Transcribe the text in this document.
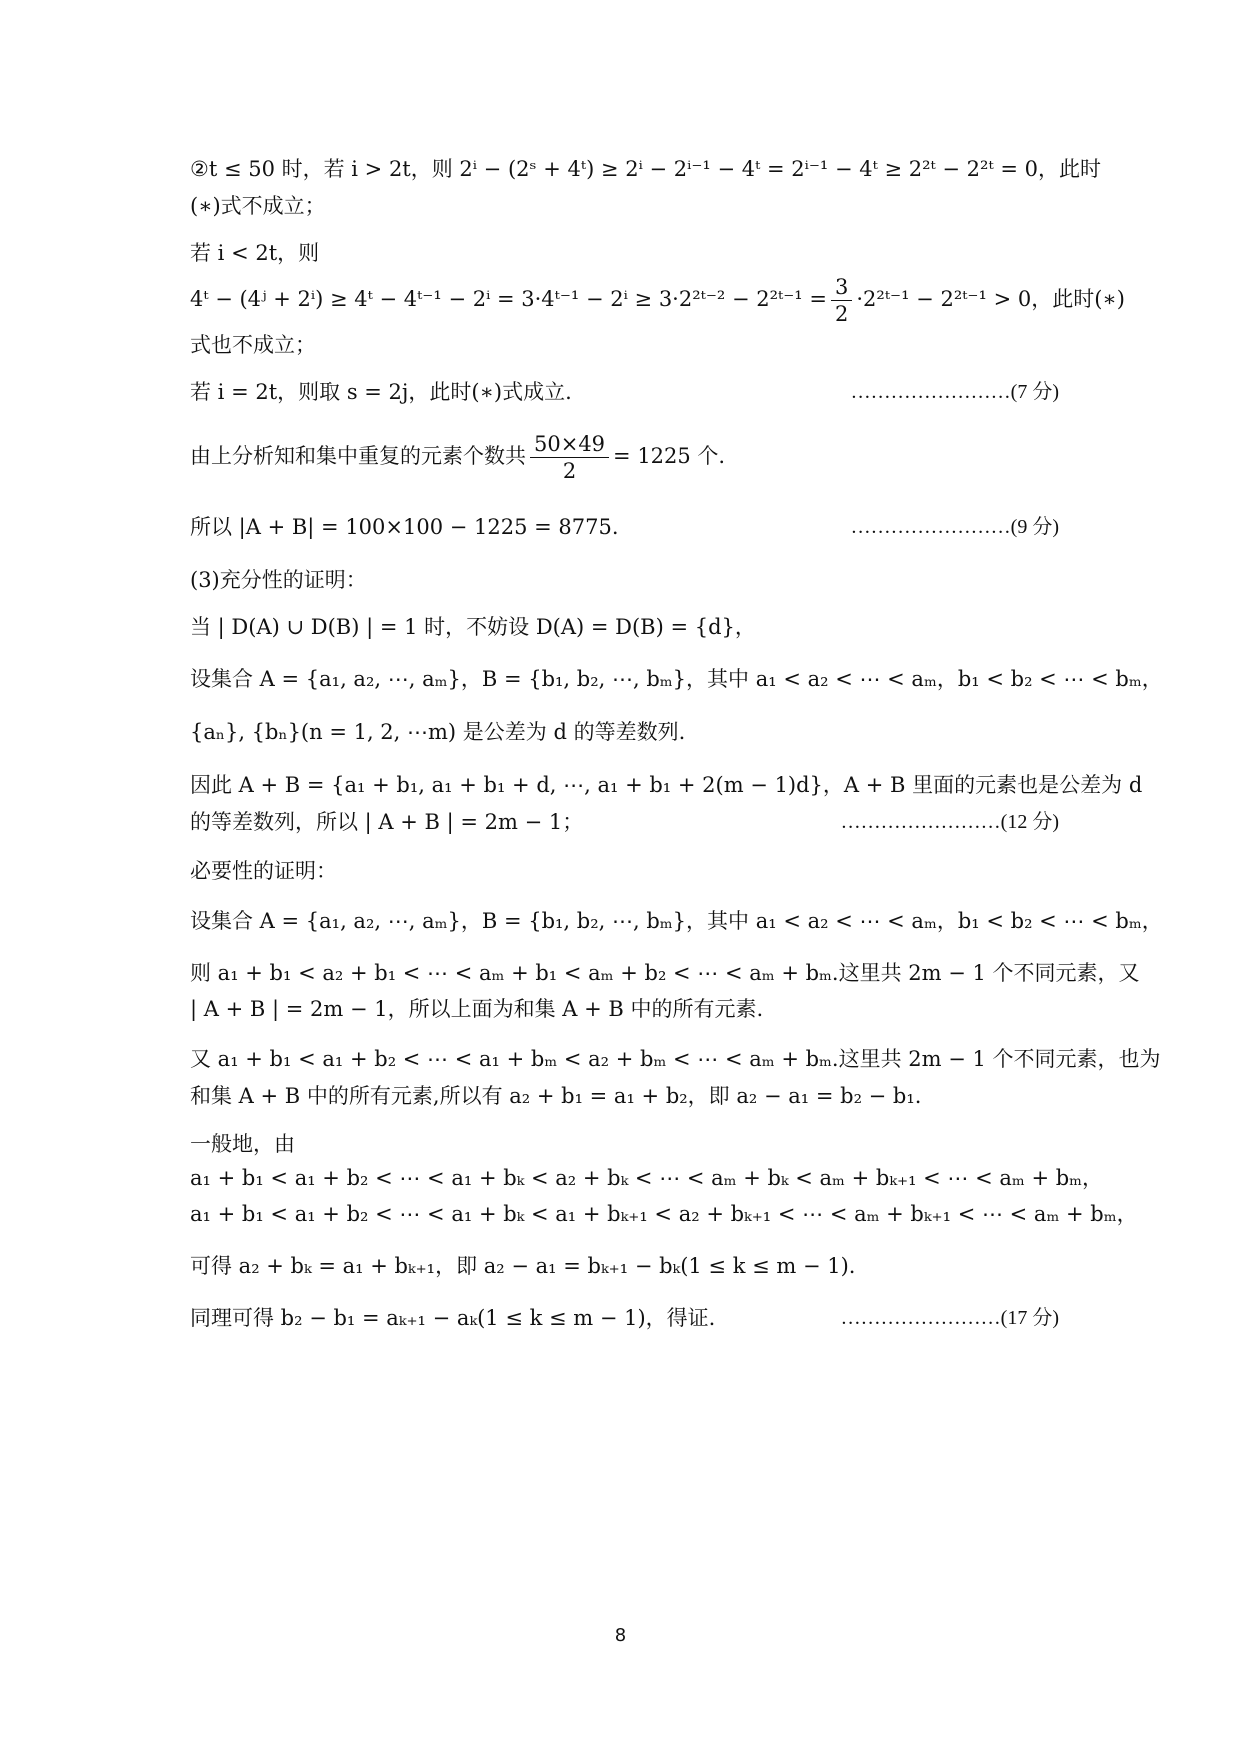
②t ≤ 50 时，若 i > 2t，则 2ⁱ − (2ˢ + 4ᵗ) ≥ 2ⁱ − 2ⁱ⁻¹ − 4ᵗ = 2ⁱ⁻¹ − 4ᵗ ≥ 2²ᵗ − 2²ᵗ = 0，此时
(∗)式不成立；
若 i < 2t，则
4ᵗ − (4ʲ + 2ⁱ) ≥ 4ᵗ − 4ᵗ⁻¹ − 2ⁱ = 3·4ᵗ⁻¹ − 2ⁱ ≥ 3·2²ᵗ⁻² − 2²ᵗ⁻¹ = $\frac{3}{2}$ ·2²ᵗ⁻¹ − 2²ᵗ⁻¹ > 0，此时(∗)
式也不成立；
若 i = 2t，则取 s = 2j，此时(∗)式成立.	……………………(7 分)
由上分析知和集中重复的元素个数共 $\frac{50\times 49}{2} = 1225$ 个.
所以 |A + B| = 100×100 − 1225 = 8775.	……………………(9 分)
(3)充分性的证明：
当 | D(A) ∪ D(B) | = 1 时，不妨设 D(A) = D(B) = {d}，
设集合 A = {a₁, a₂, ⋯, aₘ}，B = {b₁, b₂, ⋯, bₘ}，其中 a₁ < a₂ < ⋯ < aₘ，b₁ < b₂ < ⋯ < bₘ，
{aₙ}, {bₙ}(n = 1, 2, ⋯m) 是公差为 d 的等差数列.
因此 A + B = {a₁ + b₁, a₁ + b₁ + d, ⋯, a₁ + b₁ + 2(m − 1)d}，A + B 里面的元素也是公差为 d
的等差数列，所以 | A + B | = 2m − 1；	……………………(12 分)
必要性的证明：
设集合 A = {a₁, a₂, ⋯, aₘ}，B = {b₁, b₂, ⋯, bₘ}，其中 a₁ < a₂ < ⋯ < aₘ，b₁ < b₂ < ⋯ < bₘ，
则 a₁ + b₁ < a₂ + b₁ < ⋯ < aₘ + b₁ < aₘ + b₂ < ⋯ < aₘ + bₘ.这里共 2m − 1 个不同元素，又
| A + B | = 2m − 1，所以上面为和集 A + B 中的所有元素.
又 a₁ + b₁ < a₁ + b₂ < ⋯ < a₁ + bₘ < a₂ + bₘ < ⋯ < aₘ + bₘ.这里共 2m − 1 个不同元素，也为
和集 A + B 中的所有元素,所以有 a₂ + b₁ = a₁ + b₂，即 a₂ − a₁ = b₂ − b₁.
一般地，由
a₁ + b₁ < a₁ + b₂ < ⋯ < a₁ + bₖ < a₂ + bₖ < ⋯ < aₘ + bₖ < aₘ + bₖ₊₁ < ⋯ < aₘ + bₘ，
a₁ + b₁ < a₁ + b₂ < ⋯ < a₁ + bₖ < a₁ + bₖ₊₁ < a₂ + bₖ₊₁ < ⋯ < aₘ + bₖ₊₁ < ⋯ < aₘ + bₘ，
可得 a₂ + bₖ = a₁ + bₖ₊₁，即 a₂ − a₁ = bₖ₊₁ − bₖ(1 ≤ k ≤ m − 1).
同理可得 b₂ − b₁ = aₖ₊₁ − aₖ(1 ≤ k ≤ m − 1)，得证.	……………………(17 分)
8
